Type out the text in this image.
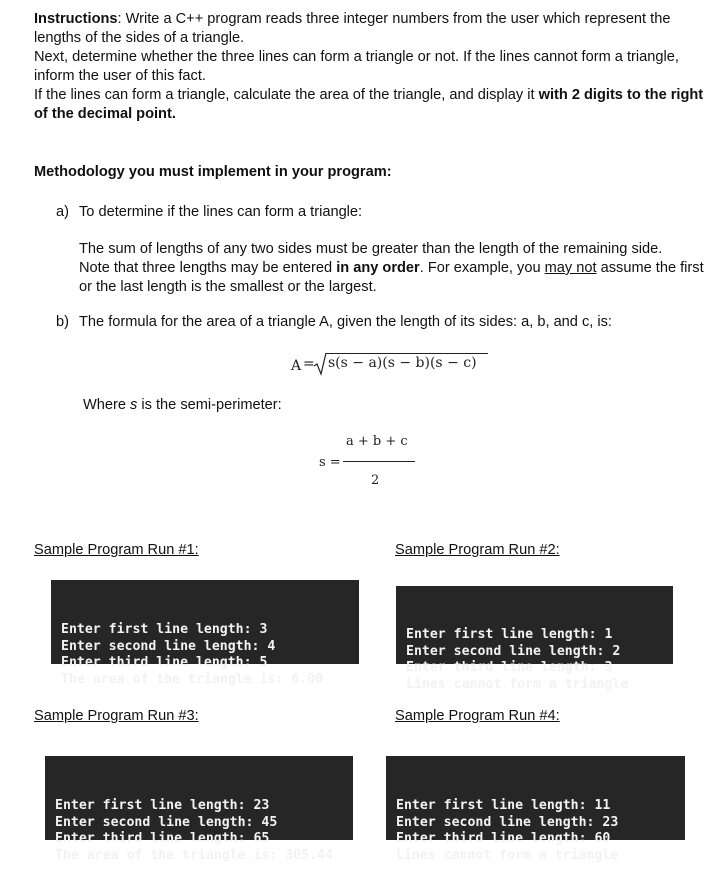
Instructions: Write a C++ program reads three integer numbers from the user which represent the lengths of the sides of a triangle.
Next, determine whether the three lines can form a triangle or not. If the lines cannot form a triangle, inform the user of this fact.
If the lines can form a triangle, calculate the area of the triangle, and display it with 2 digits to the right of the decimal point.
Methodology you must implement in your program:
a) To determine if the lines can form a triangle:
The sum of lengths of any two sides must be greater than the length of the remaining side.
Note that three lengths may be entered in any order. For example, you may not assume the first or the last length is the smallest or the largest.
b) The formula for the area of a triangle A, given the length of its sides: a, b, and c, is:
A = s(s − a)(s − b)(s − c)
Where s is the semi-perimeter:
s =
a + b + c
2
Sample Program Run #1:

Enter first line length: 3
Enter second line length: 4
Enter third line length: 5
The area of the triangle is: 6.00

Sample Program Run #2:

Enter first line length: 1
Enter second line length: 2
Enter third line length: 3
Lines cannot form a triangle

Sample Program Run #3:

Enter first line length: 23
Enter second line length: 45
Enter third line length: 65
The area of the triangle is: 305.44

Sample Program Run #4:

Enter first line length: 11
Enter second line length: 23
Enter third line length: 60
Lines cannot form a triangle
